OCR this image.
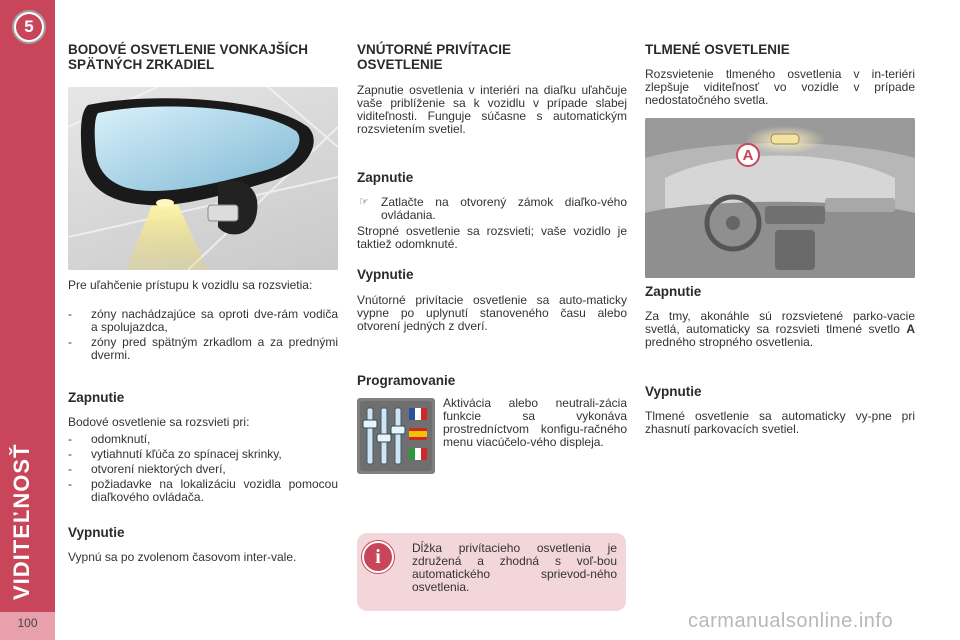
5
VIDITEĽNOSŤ
100
BODOVÉ OSVETLENIE VONKAJŠÍCH SPÄTNÝCH ZRKADIEL

Pre uľahčenie prístupu k vozidlu sa rozsvietia:

- zóny nachádzajúce sa oproti dve-rám vodiča a spolujazdca,
- zóny pred spätným zrkadlom a za prednými dvermi.
Zapnutie

Bodové osvetlenie sa rozsvieti pri:

- odomknutí,
- vytiahnutí kľúča zo spínacej skrinky,
- otvorení niektorých dverí,
- požiadavke na lokalizáciu vozidla pomocou diaľkového ovládača.
Vypnutie

Vypnú sa po zvolenom časovom inter-vale.

VNÚTORNÉ PRIVÍTACIE OSVETLENIE

Zapnutie osvetlenia v interiéri na diaľku uľahčuje vaše priblíženie sa k vozidlu v prípade slabej viditeľnosti. Funguje súčasne s automatickým rozsvietením svetiel.

Zapnutie
☞ Zatlačte na otvorený zámok diaľko-vého ovládania.

Stropné osvetlenie sa rozsvieti; vaše vozidlo je taktiež odomknuté.

Vypnutie

Vnútorné privítacie osvetlenie sa auto-maticky vypne po uplynutí stanoveného času alebo otvorení jedných z dverí.

Programovanie

Aktivácia alebo neutrali-zácia funkcie sa vykonáva prostredníctvom konfigu-račného menu viacúčelo-vého displeja.

i	Dĺžka privítacieho osvetlenia je združená a zhodná s voľ-bou automatického sprievod-ného osvetlenia.

TLMENÉ OSVETLENIE

Rozsvietenie tlmeného osvetlenia v in-teriéri zlepšuje viditeľnosť vo vozidle v prípade nedostatočného svetla.

A
Zapnutie

Za tmy, akonáhle sú rozsvietené parko-vacie svetlá, automaticky sa rozsvieti tlmené svetlo A predného stropného osvetlenia.

Vypnutie

Tlmené osvetlenie sa automaticky vy-pne pri zhasnutí parkovacích svetiel.

carmanualsonline.info
